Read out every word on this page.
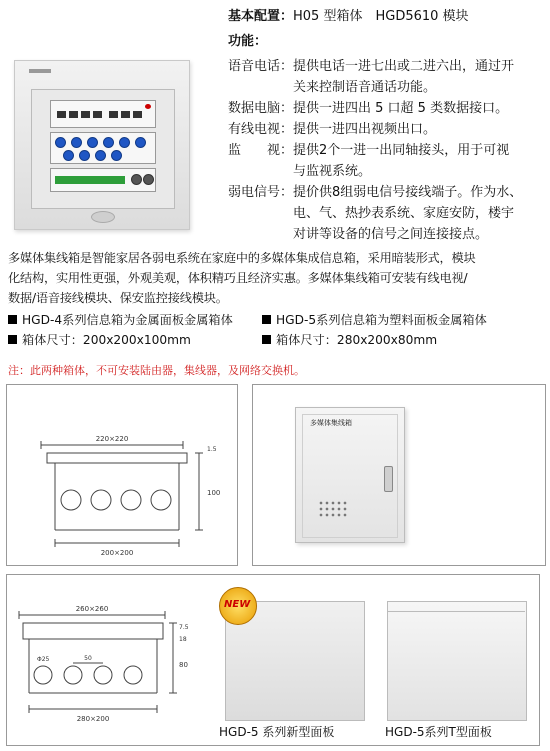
基本配置：H05 型箱体　HGD5610 模块
功能：
语音电话： 提供电话一进七出或二进六出，通过开
关来控制语音通话功能。
数据电脑： 提供一进四出 5 口超 5 类数据接口。
有线电视： 提供一进四出视频出口。
监　　视： 提供2个一进一出同轴接头，用于可视
与监视系统。
弱电信号： 提价供8组弱电信号接线端子。作为水、
电、气、热抄表系统、家庭安防，楼宇
对讲等设备的信号之间连接接点。
多媒体集线箱是智能家居各弱电系统在家庭中的多媒体集成信息箱，采用暗装形式，模块
化结构，实用性更强，外观美观，体积精巧且经济实惠。多媒体集线箱可安装有线电视/
数据/语音接线模块、保安监控接线模块。
HGD-4系列信息箱为金属面板金属箱体
箱体尺寸：200x200x100mm
HGD-5系列信息箱为塑料面板金属箱体
箱体尺寸：280x200x80mm
注：此两种箱体，不可安装陆由器，集线器，及网络交换机。
220×220
1.5
100
200×200
多媒体集线箱
260×260
7.5
18
80
Φ25	50
280×200
NEW
HGD-5 系列新型面板	HGD-5系列T型面板
